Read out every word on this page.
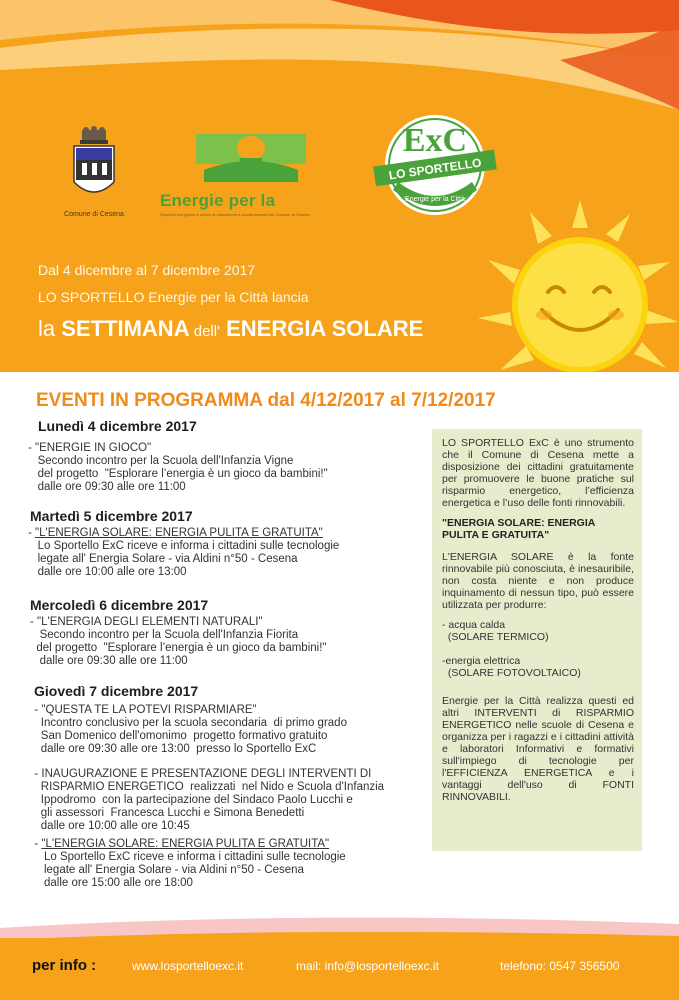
Comune di Cesena
Energie per la Città
Sportello energetico e centro di educazione e coordinamento del Comune di Cesena
ExC
LO SPORTELLO
Energie per la Città
Dal 4 dicembre al 7 dicembre 2017
LO SPORTELLO Energie per la Città lancia
la SETTIMANA dell' ENERGIA SOLARE
EVENTI IN PROGRAMMA dal 4/12/2017 al 7/12/2017
Lunedì 4 dicembre 2017
- "ENERGIE IN GIOCO"
Secondo incontro per la Scuola dell'Infanzia Vigne
del progetto  "Esplorare l’energia è un gioco da bambini!"
dalle ore 09:30 alle ore 11:00
Martedì 5 dicembre 2017
- "L'ENERGIA SOLARE: ENERGIA PULITA E GRATUITA"
Lo Sportello ExC riceve e informa i cittadini sulle tecnologie
legate all' Energia Solare - via Aldini n°50 - Cesena
dalle ore 10:00 alle ore 13:00
Mercoledì 6 dicembre 2017
- "L'ENERGIA DEGLI ELEMENTI NATURALI"
Secondo incontro per la Scuola dell'Infanzia Fiorita
del progetto  "Esplorare l’energia è un gioco da bambini!"
dalle ore 09:30 alle ore 11:00
Giovedì 7 dicembre 2017
- "QUESTA TE LA POTEVI RISPARMIARE"
Incontro conclusivo per la scuola secondaria  di primo grado
San Domenico dell'omonimo  progetto formativo gratuito
dalle ore 09:30 alle ore 13:00  presso lo Sportello ExC
- INAUGURAZIONE E PRESENTAZIONE DEGLI INTERVENTI DI
RISPARMIO ENERGETICO  realizzati  nel Nido e Scuola d'Infanzia
Ippodromo  con la partecipazione del Sindaco Paolo Lucchi e
gli assessori  Francesca Lucchi e Simona Benedetti
dalle ore 10:00 alle ore 10:45
- "L'ENERGIA SOLARE: ENERGIA PULITA E GRATUITA"
Lo Sportello ExC riceve e informa i cittadini sulle tecnologie
legate all' Energia Solare - via Aldini n°50 - Cesena
dalle ore 15:00 alle ore 18:00

LO SPORTELLO ExC è uno strumento che il Comune di Cesena mette a disposizione dei cittadini gratuitamente per promuovere le buone pratiche sul risparmio energetico, l’efficienza energetica e l’uso delle fonti rinnovabili.

"ENERGIA SOLARE: ENERGIA PULITA E GRATUITA"

L'ENERGIA SOLARE è la fonte rinnovabile più conosciuta, è inesauribile, non costa niente e non produce inquinamento di nessun tipo, può essere utilizzata per produrre:

- acqua calda

(SOLARE TERMICO)

-energia elettrica

(SOLARE FOTOVOLTAICO)

Energie per la Città realizza questi ed altri INTERVENTI di RISPARMIO ENERGETICO nelle scuole di Cesena e organizza per i ragazzi e i cittadini attività e laboratori Informativi e formativi sull'impiego di tecnologie per l'EFFICIENZA ENERGETICA e i vantaggi dell'uso di FONTI RINNOVABILI.

per info :	www.losportelloexc.it	mail: info@losportelloexc.it	telefono: 0547 356500
